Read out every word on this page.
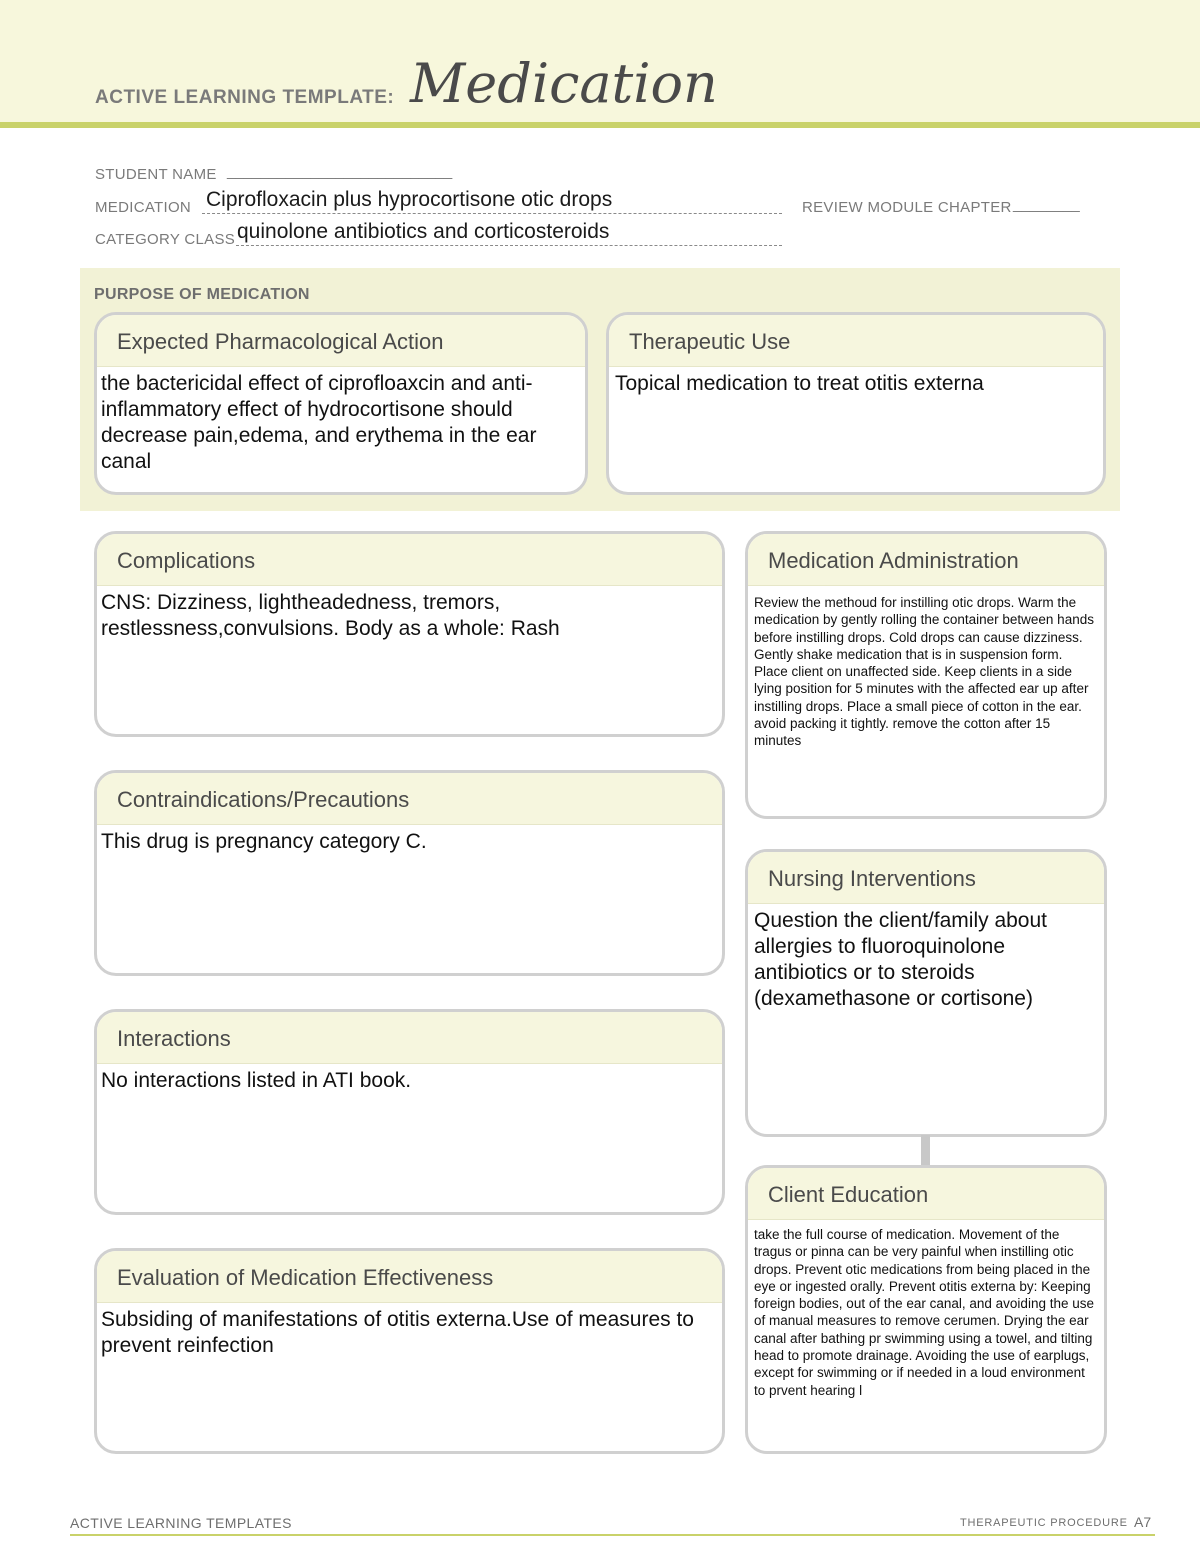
ACTIVE LEARNING TEMPLATE: Medication
STUDENT NAME ___________________________
MEDICATION Ciprofloxacin plus hyprocortisone otic drops	REVIEW MODULE CHAPTER ________
CATEGORY CLASS quinolone antibiotics and corticosteroids
PURPOSE OF MEDICATION
Expected Pharmacological Action
the bactericidal effect of ciprofloaxcin and anti-inflammatory effect of hydrocortisone should decrease pain,edema, and erythema in the ear canal
Therapeutic Use
Topical medication to treat otitis externa
Complications
CNS: Dizziness, lightheadedness, tremors, restlessness,convulsions. Body as a whole: Rash
Contraindications/Precautions
This drug is pregnancy category C.
Interactions
No interactions listed in ATI book.
Evaluation of Medication Effectiveness
Subsiding of manifestations of otitis externa.Use of measures to prevent reinfection
Medication Administration
Review the methoud for instilling otic drops. Warm the medication by gently rolling the container between hands before instilling drops. Cold drops can cause dizziness. Gently shake medication that is in suspension form. Place client on unaffected side. Keep clients in a side lying position for 5 minutes with the affected ear up after instilling drops. Place a small piece of cotton in the ear. avoid packing it tightly. remove the cotton after 15 minutes
Nursing Interventions
Question the client/family about allergies to fluoroquinolone antibiotics or to steroids (dexamethasone or cortisone)
Client Education
take the full course of medication. Movement of the tragus or pinna can be very painful when instilling otic drops. Prevent otic medications from being placed in the eye or ingested orally. Prevent otitis externa by: Keeping foreign bodies, out of the ear canal, and avoiding the use of manual measures to remove cerumen. Drying the ear canal after bathing pr swimming using a towel, and tilting head to promote drainage. Avoiding the use of earplugs, except for swimming or if needed in a loud environment to prvent hearing l
ACTIVE LEARNING TEMPLATES	THERAPEUTIC PROCEDURE A7
